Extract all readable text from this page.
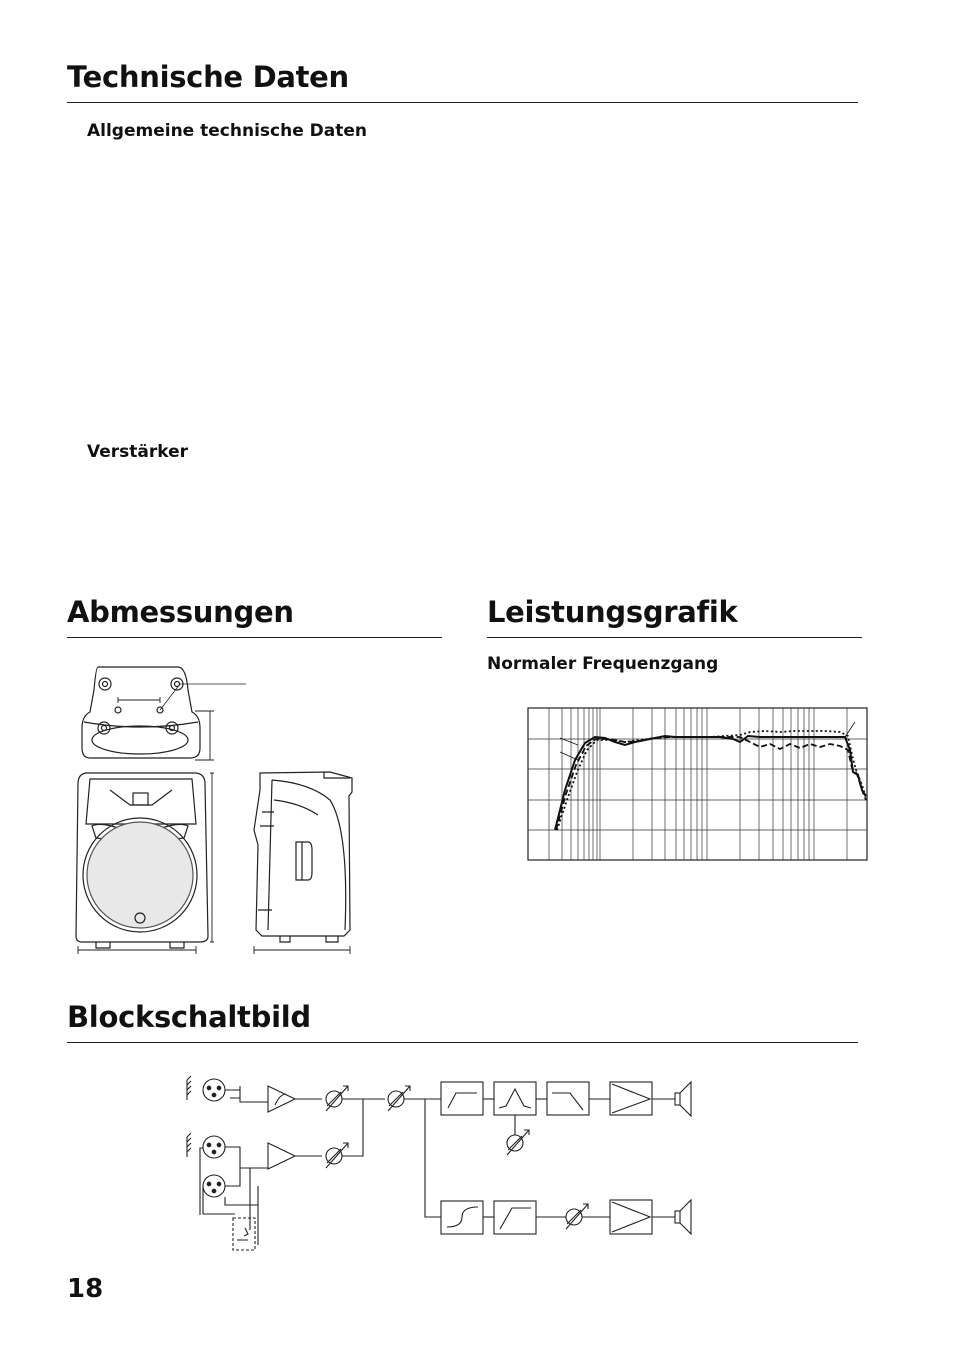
Technische Daten
Allgemeine technische Daten
Verstärker
Abmessungen	Leistungsgrafik
Normaler Frequenzgang
Blockschaltbild
18
